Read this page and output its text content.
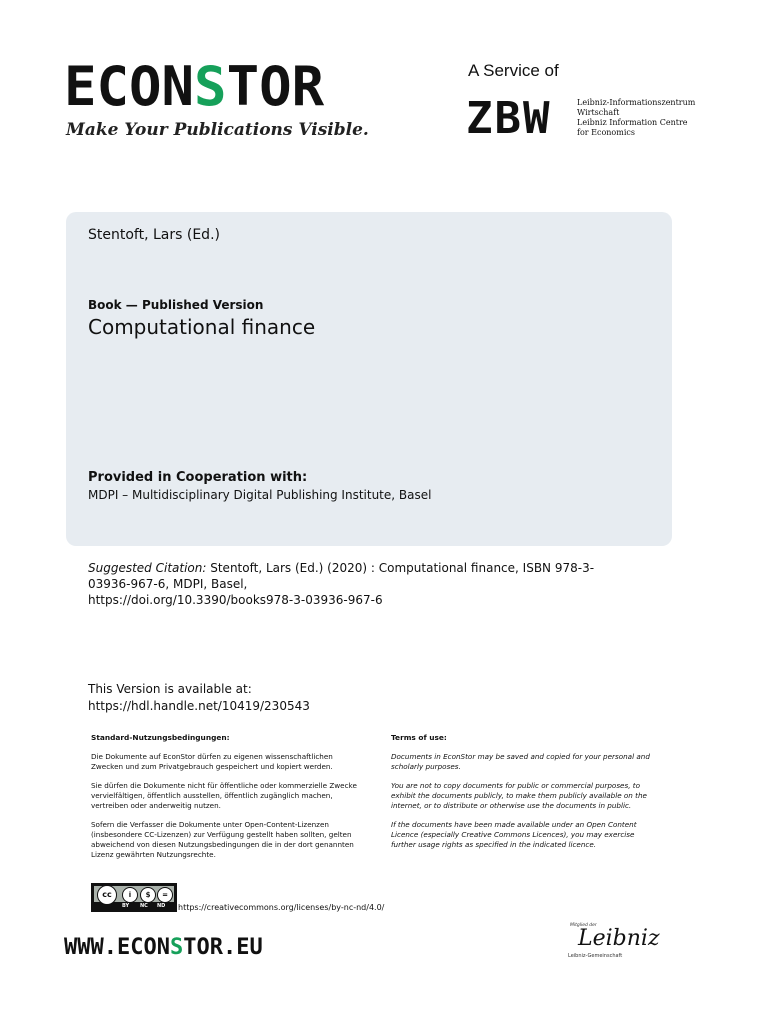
ECONSTOR
Make Your Publications Visible.
A Service of
ZBW	Leibniz-Informationszentrum
Wirtschaft
Leibniz Information Centre
for Economics
Stentoft, Lars (Ed.)
Book — Published Version
Computational finance
Provided in Cooperation with:
MDPI – Multidisciplinary Digital Publishing Institute, Basel
Suggested Citation: Stentoft, Lars (Ed.) (2020) : Computational finance, ISBN 978-3-03936-967-6, MDPI, Basel,
https://doi.org/10.3390/books978-3-03936-967-6
This Version is available at:
https://hdl.handle.net/10419/230543
Standard-Nutzungsbedingungen:

Die Dokumente auf EconStor dürfen zu eigenen wissenschaftlichen Zwecken und zum Privatgebrauch gespeichert und kopiert werden.

Sie dürfen die Dokumente nicht für öffentliche oder kommerzielle Zwecke vervielfältigen, öffentlich ausstellen, öffentlich zugänglich machen, vertreiben oder anderweitig nutzen.

Sofern die Verfasser die Dokumente unter Open-Content-Lizenzen (insbesondere CC-Lizenzen) zur Verfügung gestellt haben sollten, gelten abweichend von diesen Nutzungsbedingungen die in der dort genannten Lizenz gewährten Nutzungsrechte.

Terms of use:

Documents in EconStor may be saved and copied for your personal and scholarly purposes.

You are not to copy documents for public or commercial purposes, to exhibit the documents publicly, to make them publicly available on the internet, or to distribute or otherwise use the documents in public.

If the documents have been made available under an Open Content Licence (especially Creative Commons Licences), you may exercise further usage rights as specified in the indicated licence.

cc	i	$	=
BY NC ND https://creativecommons.org/licenses/by-nc-nd/4.0/
WWW.ECONSTOR.EU
Mitglied der
Leibniz
Leibniz-Gemeinschaft
